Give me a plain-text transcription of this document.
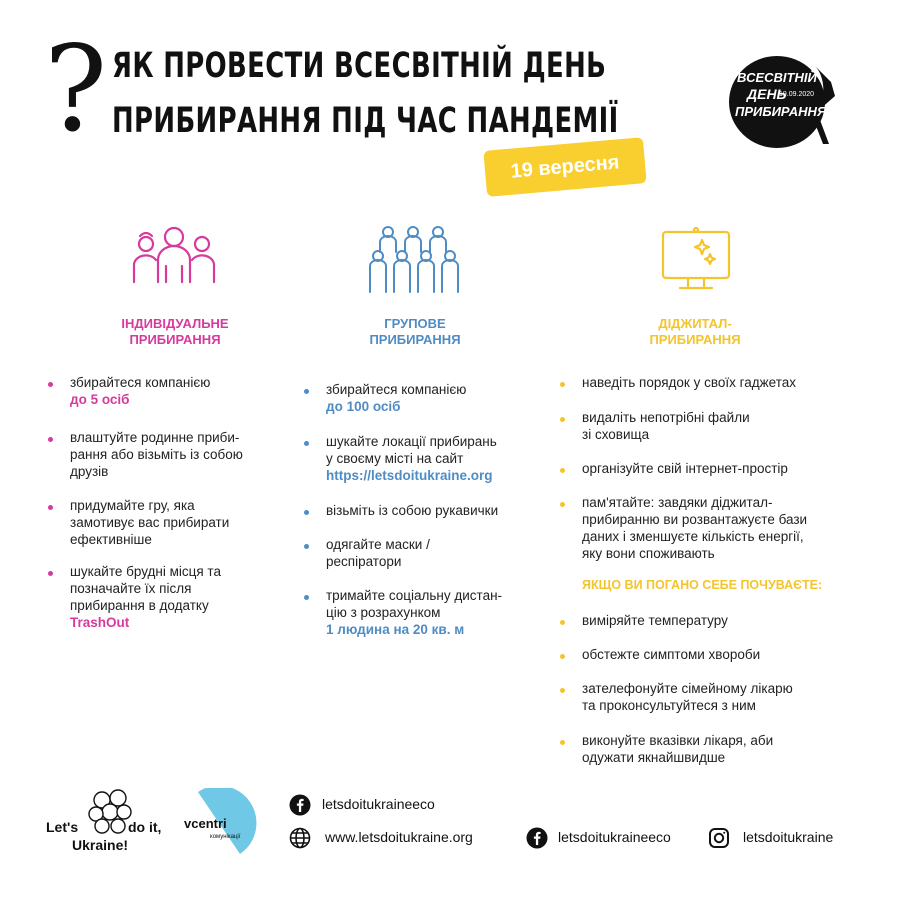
? ЯК ПРОВЕСТИ ВСЕСВІТНІЙ ДЕНЬ
ПРИБИРАННЯ ПІД ЧАС ПАНДЕМІЇ
19 вересня
ВСЕСВІТНІЙ
ДЕНЬ
19.09.2020
ПРИБИРАННЯ
ІНДИВІДУАЛЬНЕ
ПРИБИРАННЯ
ГРУПОВЕ
ПРИБИРАННЯ
ДІДЖИТАЛ-
ПРИБИРАННЯ
збирайтеся компанією
до 5 осіб
влаштуйте родинне приби-
рання або візьміть із собою
друзів
придумайте гру, яка
замотивує вас прибирати
ефективніше
шукайте брудні місця та
позначайте їх після
прибирання в додатку
TrashOut
збирайтеся компанією
до 100 осіб
шукайте локації прибирань
у своєму місті на сайт
https://letsdoitukraine.org
візьміть із собою рукавички
одягайте маски /
респіратори
тримайте соціальну дистан-
цію з розрахунком
1 людина на 20 кв. м
наведіть порядок у своїх гаджетах
видаліть непотрібні файли
зі сховища
організуйте свій інтернет-простір
пам'ятайте: завдяки діджитал-
прибиранню ви розвантажуєте бази
даних і зменшуєте кількість енергії,
яку вони споживають
ЯКЩО ВИ ПОГАНО СЕБЕ ПОЧУВАЄТЕ:
виміряйте температуру
обстежте симптоми хвороби
зателефонуйте сімейному лікарю
та проконсультуйтеся з ним
виконуйте вказівки лікаря, аби
одужати якнайшвидше
Let's	do it,
Ukraine!
vcentri
комунікації
letsdoitukraineeco
www.letsdoitukraine.org	letsdoitukraineeco	letsdoitukraine
